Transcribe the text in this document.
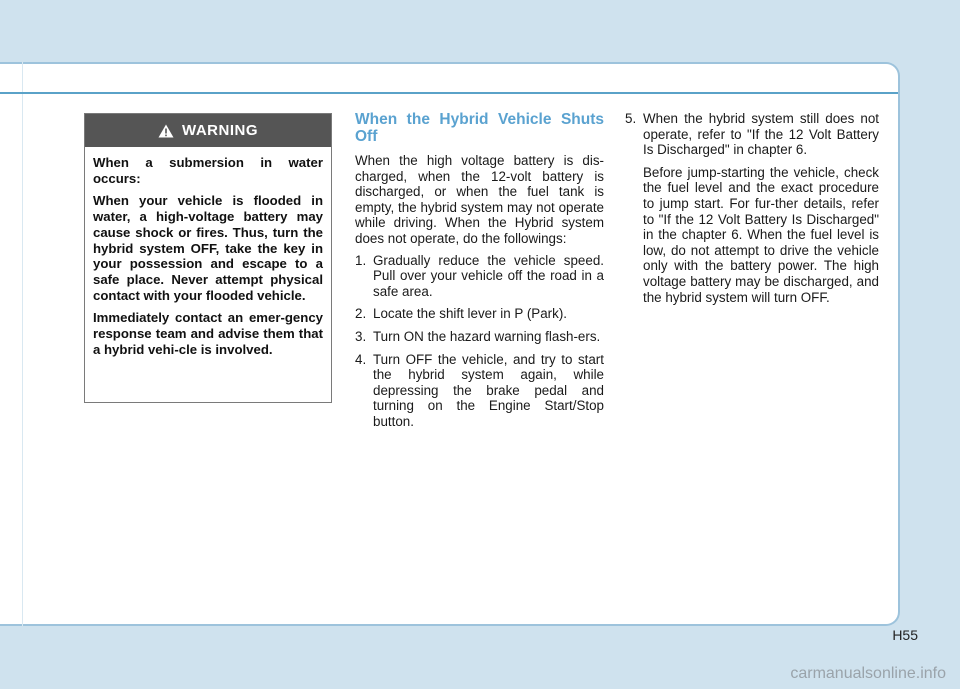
WARNING

When a submersion in water occurs:

When your vehicle is flooded in water, a high-voltage battery may cause shock or fires. Thus, turn the hybrid system OFF, take the key in your possession and escape to a safe place. Never attempt physical contact with your flooded vehicle.

Immediately contact an emer-gency response team and advise them that a hybrid vehi-cle is involved.

When the Hybrid Vehicle Shuts Off

When the high voltage battery is dis-charged, when the 12-volt battery is discharged, or when the fuel tank is empty, the hybrid system may not operate while driving. When the Hybrid system does not operate, do the followings:

1. Gradually reduce the vehicle speed. Pull over your vehicle off the road in a safe area.
2. Locate the shift lever in P (Park).
3. Turn ON the hazard warning flash-ers.
4. Turn OFF the vehicle, and try to start the hybrid system again, while depressing the brake pedal and turning on the Engine Start/Stop button.
5. When the hybrid system still does not operate, refer to "If the 12 Volt Battery Is Discharged" in chapter 6.

Before jump-starting the vehicle, check the fuel level and the exact procedure to jump start. For fur-ther details, refer to "If the 12 Volt Battery Is Discharged" in the chapter 6. When the fuel level is low, do not attempt to drive the vehicle only with the battery power. The high voltage battery may be discharged, and the hybrid system will turn OFF.

H55
carmanualsonline.info
